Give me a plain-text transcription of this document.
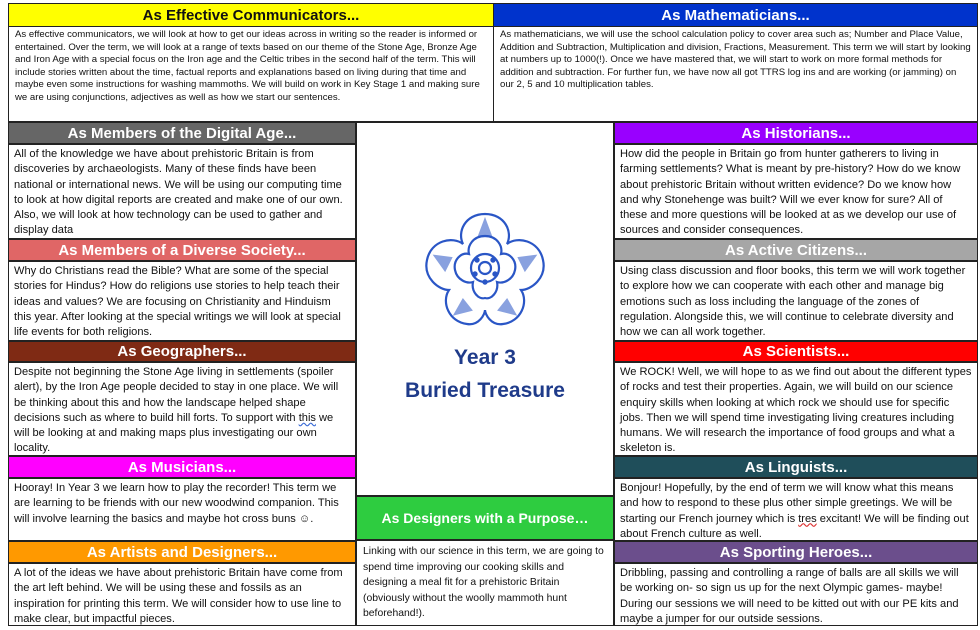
As Effective Communicators...
As effective communicators, we will look at how to get our ideas across in writing so the reader is informed or entertained. Over the term, we will look at a range of texts based on our theme of the Stone Age, Bronze Age and Iron Age with a special focus on the Iron age and the Celtic tribes in the second half of the term. This will include stories written about the time, factual reports and explanations based on living during that time and maybe even some instructions for washing mammoths. We will build on work in Key Stage 1 and making sure we are using conjunctions, adjectives as well as how we start our sentences.
As Mathematicians...
As mathematicians, we will use the school calculation policy to cover area such as; Number and Place Value, Addition and Subtraction, Multiplication and division, Fractions, Measurement. This term we will start by looking at numbers up to 1000(!). Once we have mastered that, we will start to work on more formal methods for addition and subtraction. For further fun, we have now all got TTRS log ins and are working (or jamming) on our 2, 5 and 10 multiplication tables.
As Members of the Digital Age...
All of the knowledge we have about prehistoric Britain is from discoveries by archaeologists. Many of these finds have been national or international news. We will be using our computing time to look at how digital reports are created and make one of our own. Also, we will look at how technology can be used to gather and display data
As Members of a Diverse Society...
Why do Christians read the Bible? What are some of the special stories for Hindus? How do religions use stories to help teach their ideas and values? We are focusing on Christianity and Hinduism this year. After looking at the special writings we will look at special life events for both religions.
As Geographers...
Despite not beginning the Stone Age living in settlements (spoiler alert), by the Iron Age people decided to stay in one place. We will be thinking about this and how the landscape helped shape decisions such as where to build hill forts. To support with this we will be looking at and making maps plus investigating our own locality.
As Musicians...
Hooray! In Year 3 we learn how to play the recorder! This term we are learning to be friends with our new woodwind companion. This will involve learning the basics and maybe hot cross buns ☺.
As Artists and Designers...
A lot of the ideas we have about prehistoric Britain have come from the art left behind. We will be using these and fossils as an inspiration for printing this term. We will consider how to use line to make clear, but impactful pieces.
Year 3
Buried Treasure
As Designers with a Purpose…
Linking with our science in this term, we are going to spend time improving our cooking skills and designing a meal fit for a prehistoric Britain (obviously without the woolly mammoth hunt beforehand!).
As Historians...
How did the people in Britain go from hunter gatherers to living in farming settlements? What is meant by pre-history? How do we know about prehistoric Britain without written evidence? Do we know how and why Stonehenge was built? Will we ever know for sure? All of these and more questions will be looked at as we develop our use of sources and consider consequences.
As Active Citizens...
Using class discussion and floor books, this term we will work together to explore how we can cooperate with each other and manage big emotions such as loss including the language of the zones of regulation. Alongside this, we will continue to celebrate diversity and how we can all work together.
As Scientists...
We ROCK! Well, we will hope to as we find out about the different types of rocks and test their properties. Again, we will build on our science enquiry skills when looking at which rock we should use for specific jobs. Then we will spend time investigating living creatures including humans. We will research the importance of food groups and what a skeleton is.
As Linguists...
Bonjour! Hopefully, by the end of term we will know what this means and how to respond to these plus other simple greetings. We will be starting our French journey which is tres excitant! We will be finding out about French culture as well.
As Sporting Heroes...
Dribbling, passing and controlling a range of balls are all skills we will be working on- so sign us up for the next Olympic games- maybe! During our sessions we will need to be kitted out with our PE kits and maybe a jumper for our outside sessions.
